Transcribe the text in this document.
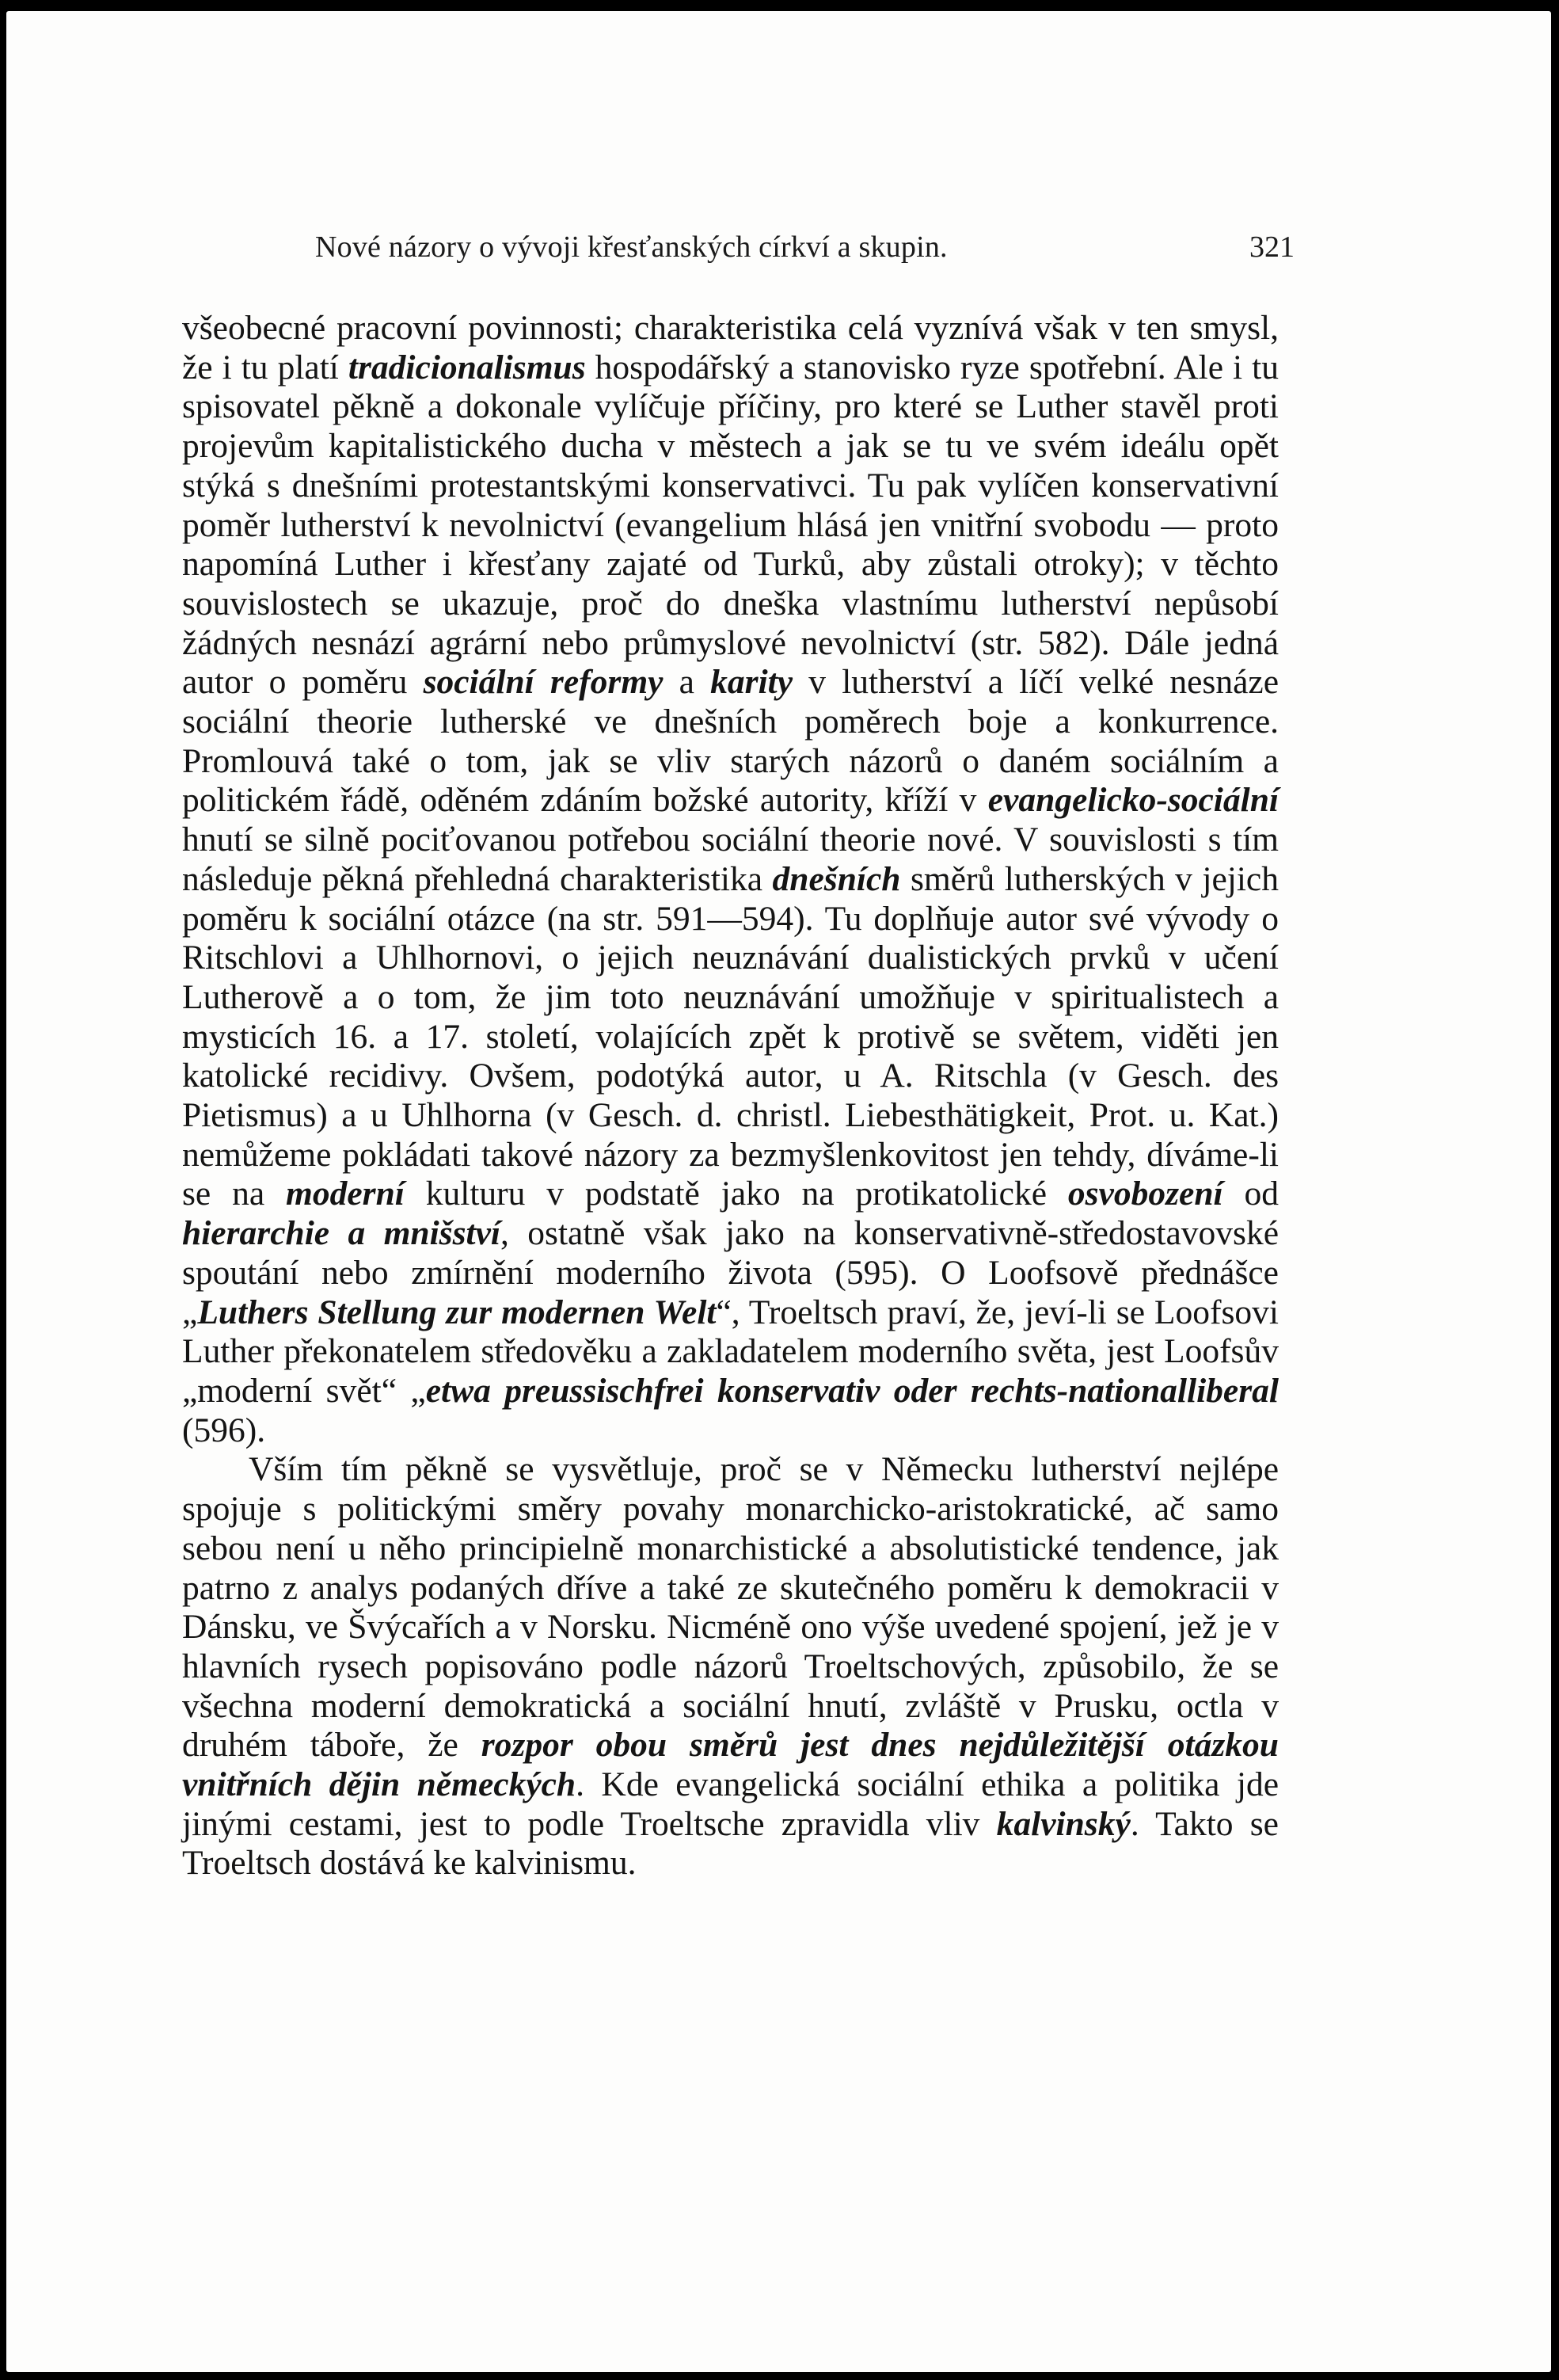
Nové názory o vývoji křesťanských církví a skupin.	321

všeobecné pracovní povinnosti; charakteristika celá vyznívá však v ten smysl, že i tu platí tradicionalismus hospodářský a stanovisko ryze spotřební. Ale i tu spisovatel pěkně a dokonale vylíčuje příčiny, pro které se Luther stavěl proti projevům kapitalistického ducha v městech a jak se tu ve svém ideálu opět stýká s dnešními protestantskými konservativci. Tu pak vylíčen konservativní poměr lutherství k nevolnictví (evangelium hlásá jen vnitřní svobodu — proto napomíná Luther i křesťany zajaté od Turků, aby zůstali otroky); v těchto souvislostech se ukazuje, proč do dneška vlastnímu lutherství nepůsobí žádných nesnází agrární nebo průmyslové nevolnictví (str. 582). Dále jedná autor o poměru sociální reformy a karity v lutherství a líčí velké nesnáze sociální theorie lutherské ve dnešních poměrech boje a konkurrence. Promlouvá také o tom, jak se vliv starých názorů o daném sociálním a politickém řádě, oděném zdáním božské autority, kříží v evangelicko-sociální hnutí se silně pociťovanou potřebou sociální theorie nové. V souvislosti s tím následuje pěkná přehledná charakteristika dnešních směrů lutherských v jejich poměru k sociální otázce (na str. 591—594). Tu doplňuje autor své vývody o Ritschlovi a Uhlhornovi, o jejich neuznávání dualistických prvků v učení Lutherově a o tom, že jim toto neuznávání umožňuje v spiritualistech a mysticích 16. a 17. století, volajících zpět k protivě se světem, viděti jen katolické recidivy. Ovšem, podotýká autor, u A. Ritschla (v Gesch. des Pietismus) a u Uhlhorna (v Gesch. d. christl. Liebesthätigkeit, Prot. u. Kat.) nemůžeme pokládati takové názory za bezmyšlenkovitost jen tehdy, díváme-li se na moderní kulturu v podstatě jako na protikatolické osvobození od hierarchie a mnišství, ostatně však jako na konservativně-středostavovské spoutání nebo zmírnění moderního života (595). O Loofsově přednášce „Luthers Stellung zur modernen Welt“, Troeltsch praví, že, jeví-li se Loofsovi Luther překonatelem středověku a zakladatelem moderního světa, jest Loofsův „moderní svět“ „etwa preussischfrei konservativ oder rechts-nationalliberal (596).

Vším tím pěkně se vysvětluje, proč se v Německu lutherství nejlépe spojuje s politickými směry povahy monarchicko-aristokratické, ač samo sebou není u něho principielně monarchistické a absolutistické tendence, jak patrno z analys podaných dříve a také ze skutečného poměru k demokracii v Dánsku, ve Švýcařích a v Norsku. Nicméně ono výše uvedené spojení, jež je v hlavních rysech popisováno podle názorů Troeltschových, způsobilo, že se všechna moderní demokratická a sociální hnutí, zvláště v Prusku, octla v druhém táboře, že rozpor obou směrů jest dnes nejdůležitější otázkou vnitřních dějin německých. Kde evangelická sociální ethika a politika jde jinými cestami, jest to podle Troeltsche zpravidla vliv kalvinský. Takto se Troeltsch dostává ke kalvinismu.
